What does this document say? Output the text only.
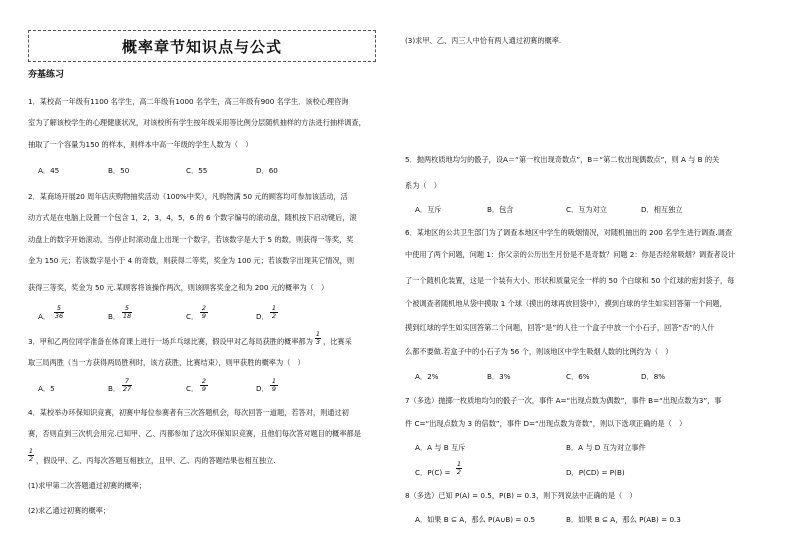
概率章节知识点与公式
夯基练习
1．某校高一年级有1100 名学生，高二年级有1000 名学生，高三年级有900 名学生．该校心理咨询
室为了解该校学生的心理健康状况，对该校所有学生按年级采用等比例分层随机抽样的方法进行抽样调查，
抽取了一个容量为150 的样本，则样本中高一年级的学生人数为（　）
A．45	B．50	C．55	D．60
2．某商场开展20 周年店庆购物抽奖活动（100%中奖），凡购物满 50 元的顾客均可参加该活动，活
动方式是在电脑上设置一个包含 1，2，3，4，5，6 的 6 个数字编号的滚动盘，随机按下启动键后，滚
动盘上的数字开始滚动，当停止时滚动盘上出现一个数字，若该数字是大于 5 的数，则获得一等奖，奖
金为 150 元；若该数字是小于 4 的奇数，则获得二等奖，奖金为 100 元；若该数字出现其它情况，则
获得三等奖，奖金为 50 元.某顾客将该操作两次，则该顾客奖金之和为 200 元的概率为（　）
A． $\frac{5}{36}$	B． $\frac{5}{18}$	C． $\frac{2}{9}$	D． $\frac{1}{2}$
3．甲和乙两位同学准备在体育课上进行一场乒乓球比赛，假设甲对乙每局获胜的概率都为 $\frac{1}{3}$ ，比赛采
取三局两胜（当一方获得两局胜利时，该方获胜，比赛结束），则甲获胜的概率为（　）
A．5	B． $\frac{7}{27}$	C． $\frac{2}{9}$	D． $\frac{1}{9}$
4．某校举办环保知识竞赛，初赛中每位参赛者有三次答题机会，每次回答一道题，若答对，则通过初
赛，否则直到三次机会用完.已知甲、乙、丙都参加了这次环保知识竞赛，且他们每次答对题目的概率都是
$\frac{1}{2}$ ，假设甲、乙、丙每次答题互相独立，且甲、乙、丙的答题结果也相互独立.
(1)求甲第二次答题通过初赛的概率；
(2)求乙通过初赛的概率；
(3)求甲、乙、丙三人中恰有两人通过初赛的概率.
5．抛两枚质地均匀的骰子，设A＝“第一枚出现奇数点”，B＝“第二枚出现偶数点”，则 A 与 B 的关
系为（　）
A．互斥	B．包含	C．互为对立	D．相互独立
6．某地区的公共卫生部门为了调查本地区中学生的吸烟情况，对随机抽出的 200 名学生进行调查.调查
中使用了两个问题，问题 1：你父亲的公历出生月份是不是奇数？问题 2：你是否经常吸烟？调查者设计
了一个随机化装置，这是一个装有大小、形状和质量完全一样的 50 个白球和 50 个红球的密封袋子，每
个被调查者随机地从袋中摸取 1 个球（摸出的球再放回袋中），摸到白球的学生如实回答第一个问题，
摸到红球的学生如实回答第二个问题，回答“是”的人往一个盒子中放一个小石子，回答“否”的人什
么都不要做.若盒子中的小石子为 56 个，则该地区中学生吸烟人数的比例约为（　）
A．2%	B．3%	C．6%	D．8%
7（多选）抛掷一枚质地均匀的骰子一次，事件 A=“出现点数为偶数”，事件 B=“出现点数为3”，事
件 C=“出现点数为 3 的倍数”，事件 D=“出现点数为奇数”，则以下选项正确的是（　）
A．A 与 B 互斥	B．A 与 D 互为对立事件
C．$P(C) = \frac{1}{2}$	D．P(CD) = P(B)
8（多选）已知 P(A) = 0.5，P(B) = 0.3，则下列说法中正确的是（　）
A．如果 B ⊆ A，那么 P(A∪B) = 0.5	B．如果 B ⊆ A，那么 P(AB) = 0.3
